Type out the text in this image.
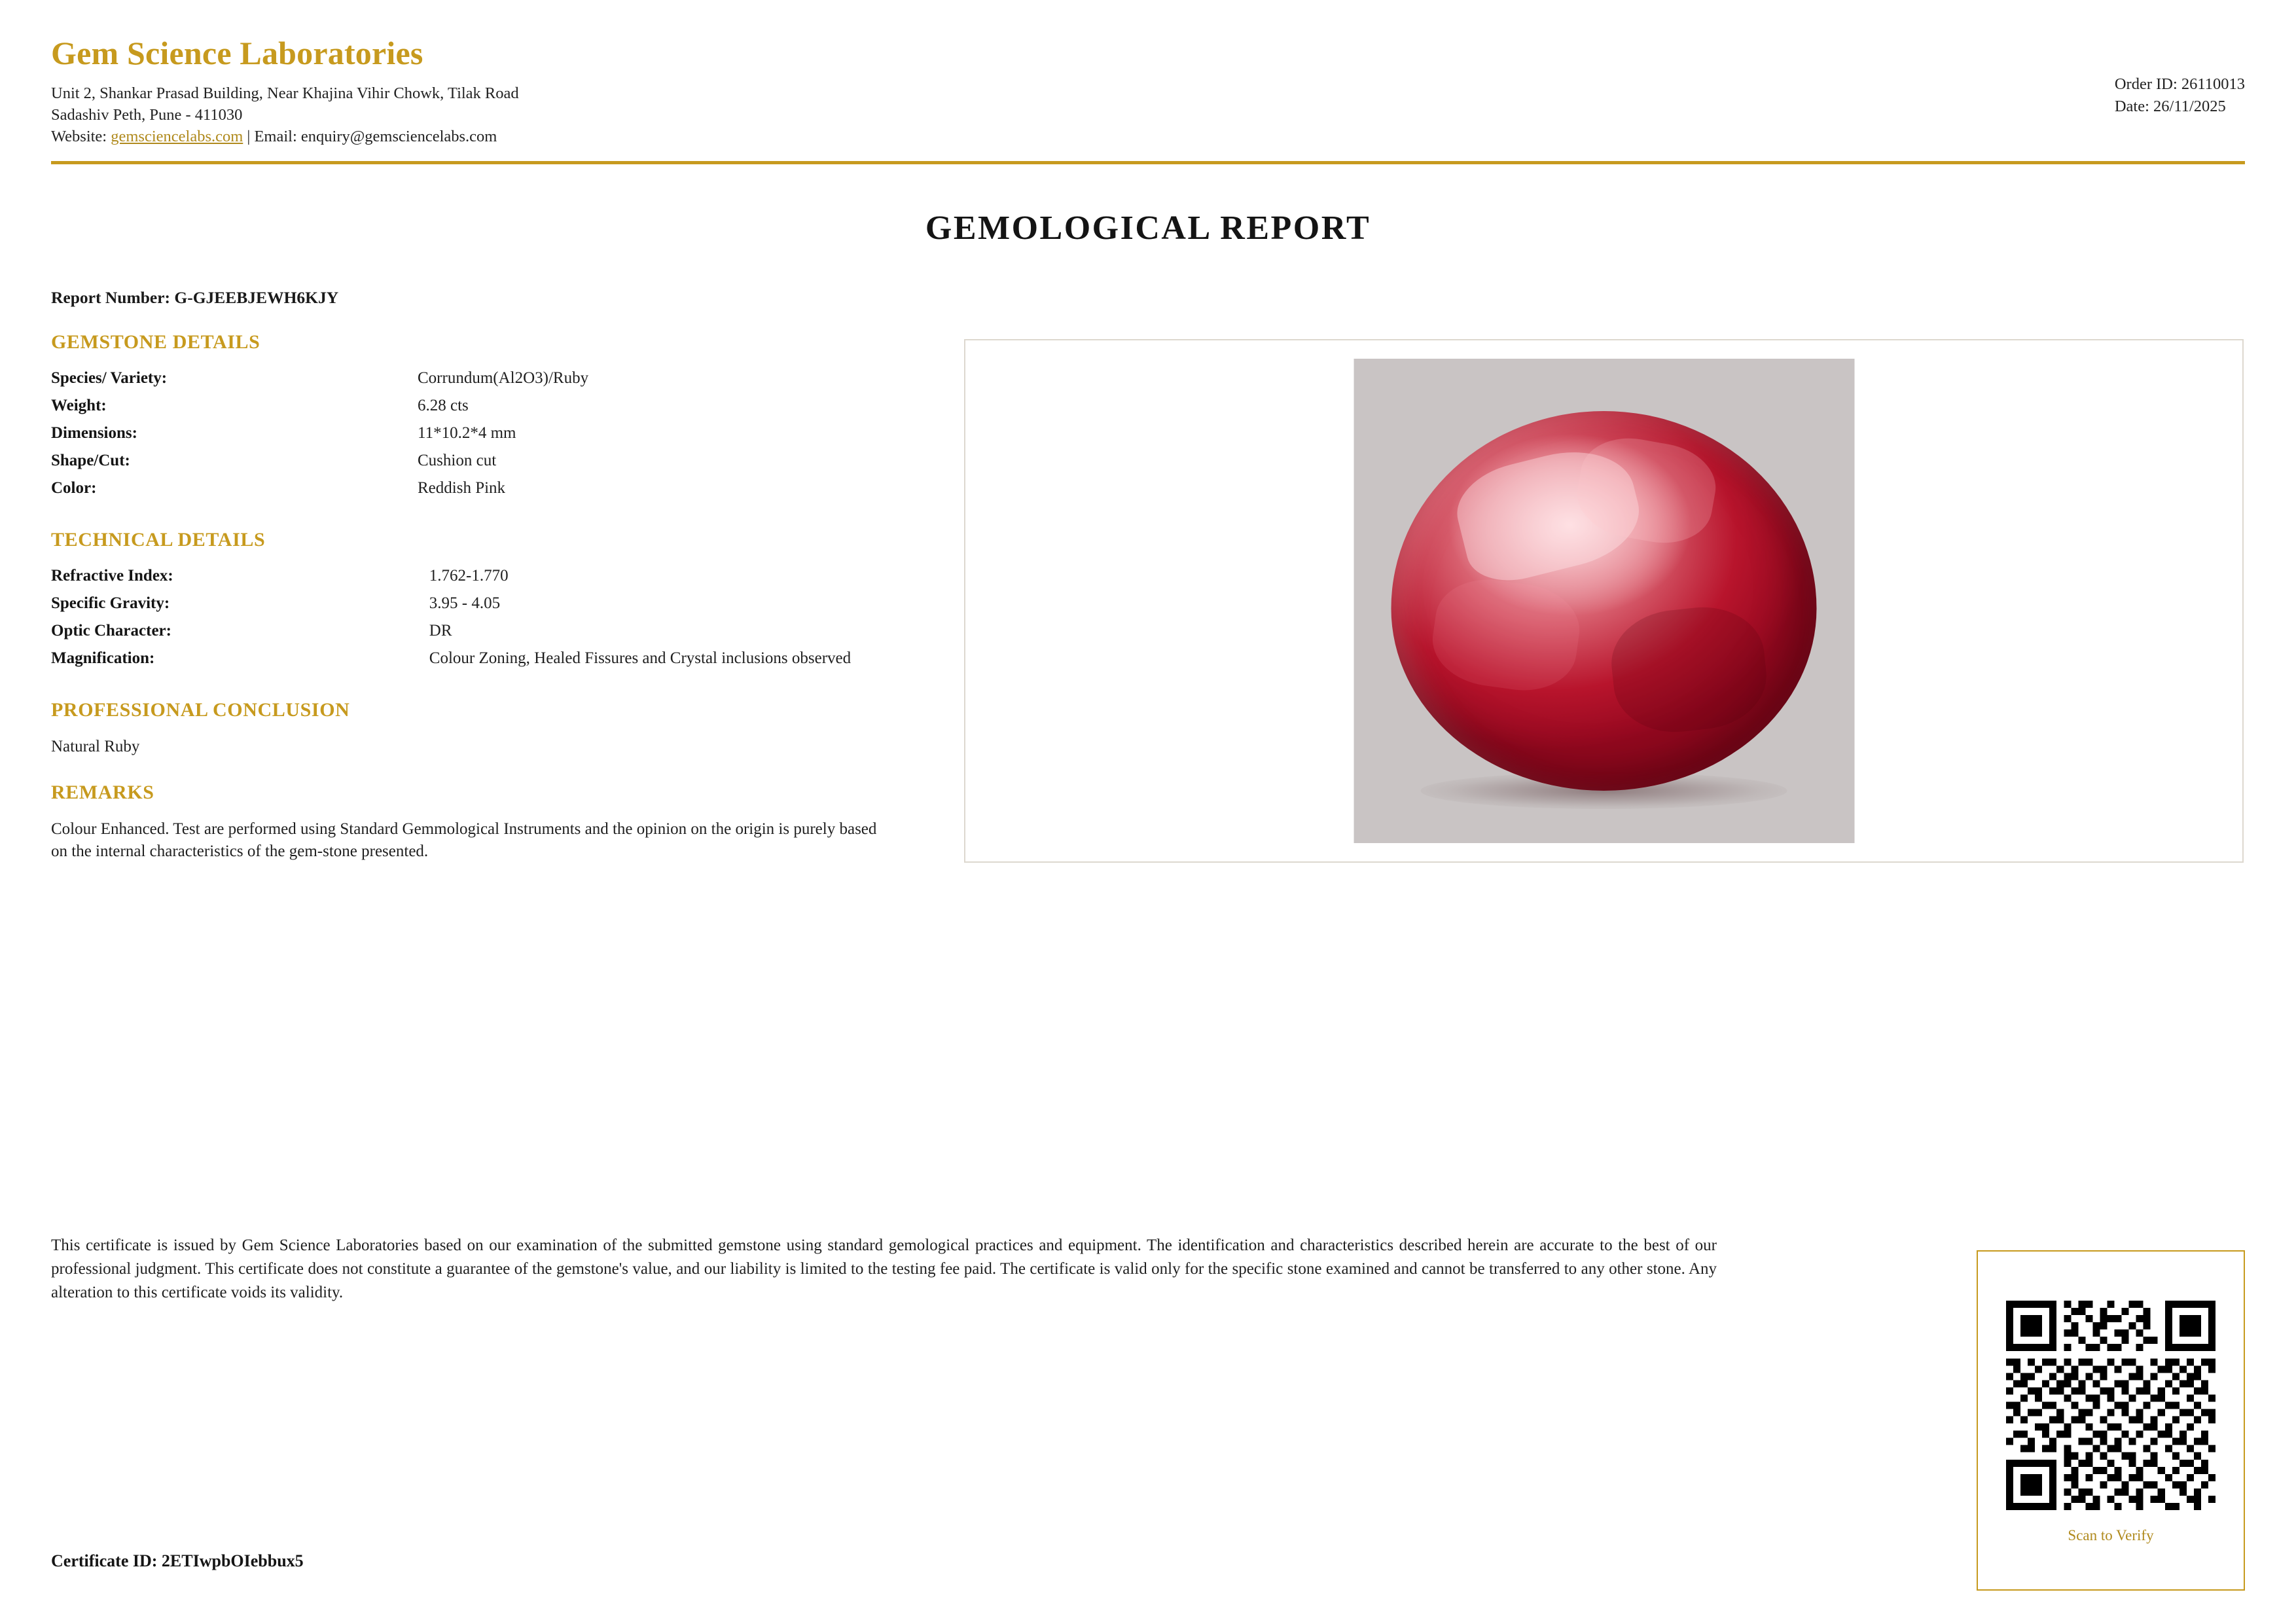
Gem Science Laboratories
Unit 2, Shankar Prasad Building, Near Khajina Vihir Chowk, Tilak Road
Sadashiv Peth, Pune - 411030
Website: gemsciencelabs.com | Email: enquiry@gemsciencelabs.com
Order ID: 26110013
Date: 26/11/2025
GEMOLOGICAL REPORT
Report Number: G-GJEEBJEWH6KJY
GEMSTONE DETAILS
Species/ Variety:	Corrundum(Al2O3)/Ruby
Weight:	6.28 cts
Dimensions:	11*10.2*4 mm
Shape/Cut:	Cushion cut
Color:	Reddish Pink
TECHNICAL DETAILS
Refractive Index:	1.762-1.770
Specific Gravity:	3.95 - 4.05
Optic Character:	DR
Magnification:	Colour Zoning, Healed Fissures and Crystal inclusions observed
PROFESSIONAL CONCLUSION
Natural Ruby
REMARKS
Colour Enhanced. Test are performed using Standard Gemmological Instruments and the opinion on the origin is purely based on the internal characteristics of the gem-stone presented.
This certificate is issued by Gem Science Laboratories based on our examination of the submitted gemstone using standard gemological practices and equipment. The identification and characteristics described herein are accurate to the best of our professional judgment. This certificate does not constitute a guarantee of the gemstone's value, and our liability is limited to the testing fee paid. The certificate is valid only for the specific stone examined and cannot be transferred to any other stone. Any alteration to this certificate voids its validity.
Certificate ID: 2ETIwpbOIebbux5
Scan to Verify
